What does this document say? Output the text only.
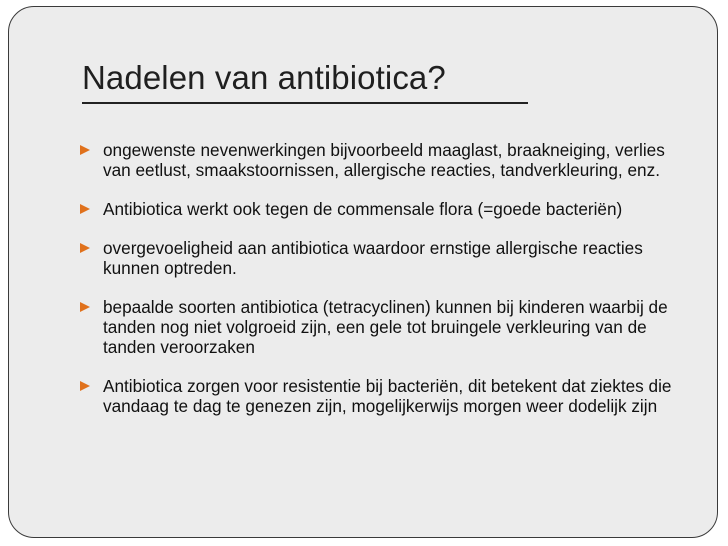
Nadelen van antibiotica?
ongewenste nevenwerkingen bijvoorbeeld maaglast, braakneiging, verlies van eetlust, smaakstoornissen, allergische reacties, tandverkleuring, enz.
Antibiotica werkt ook tegen de commensale flora (=goede bacteriën)
overgevoeligheid aan antibiotica waardoor ernstige allergische reacties kunnen optreden.
bepaalde soorten antibiotica (tetracyclinen) kunnen bij kinderen waarbij de tanden nog niet volgroeid zijn, een gele tot bruingele verkleuring van de tanden veroorzaken
Antibiotica zorgen voor resistentie bij bacteriën, dit betekent dat ziektes die vandaag te dag te genezen zijn, mogelijkerwijs morgen weer dodelijk zijn
